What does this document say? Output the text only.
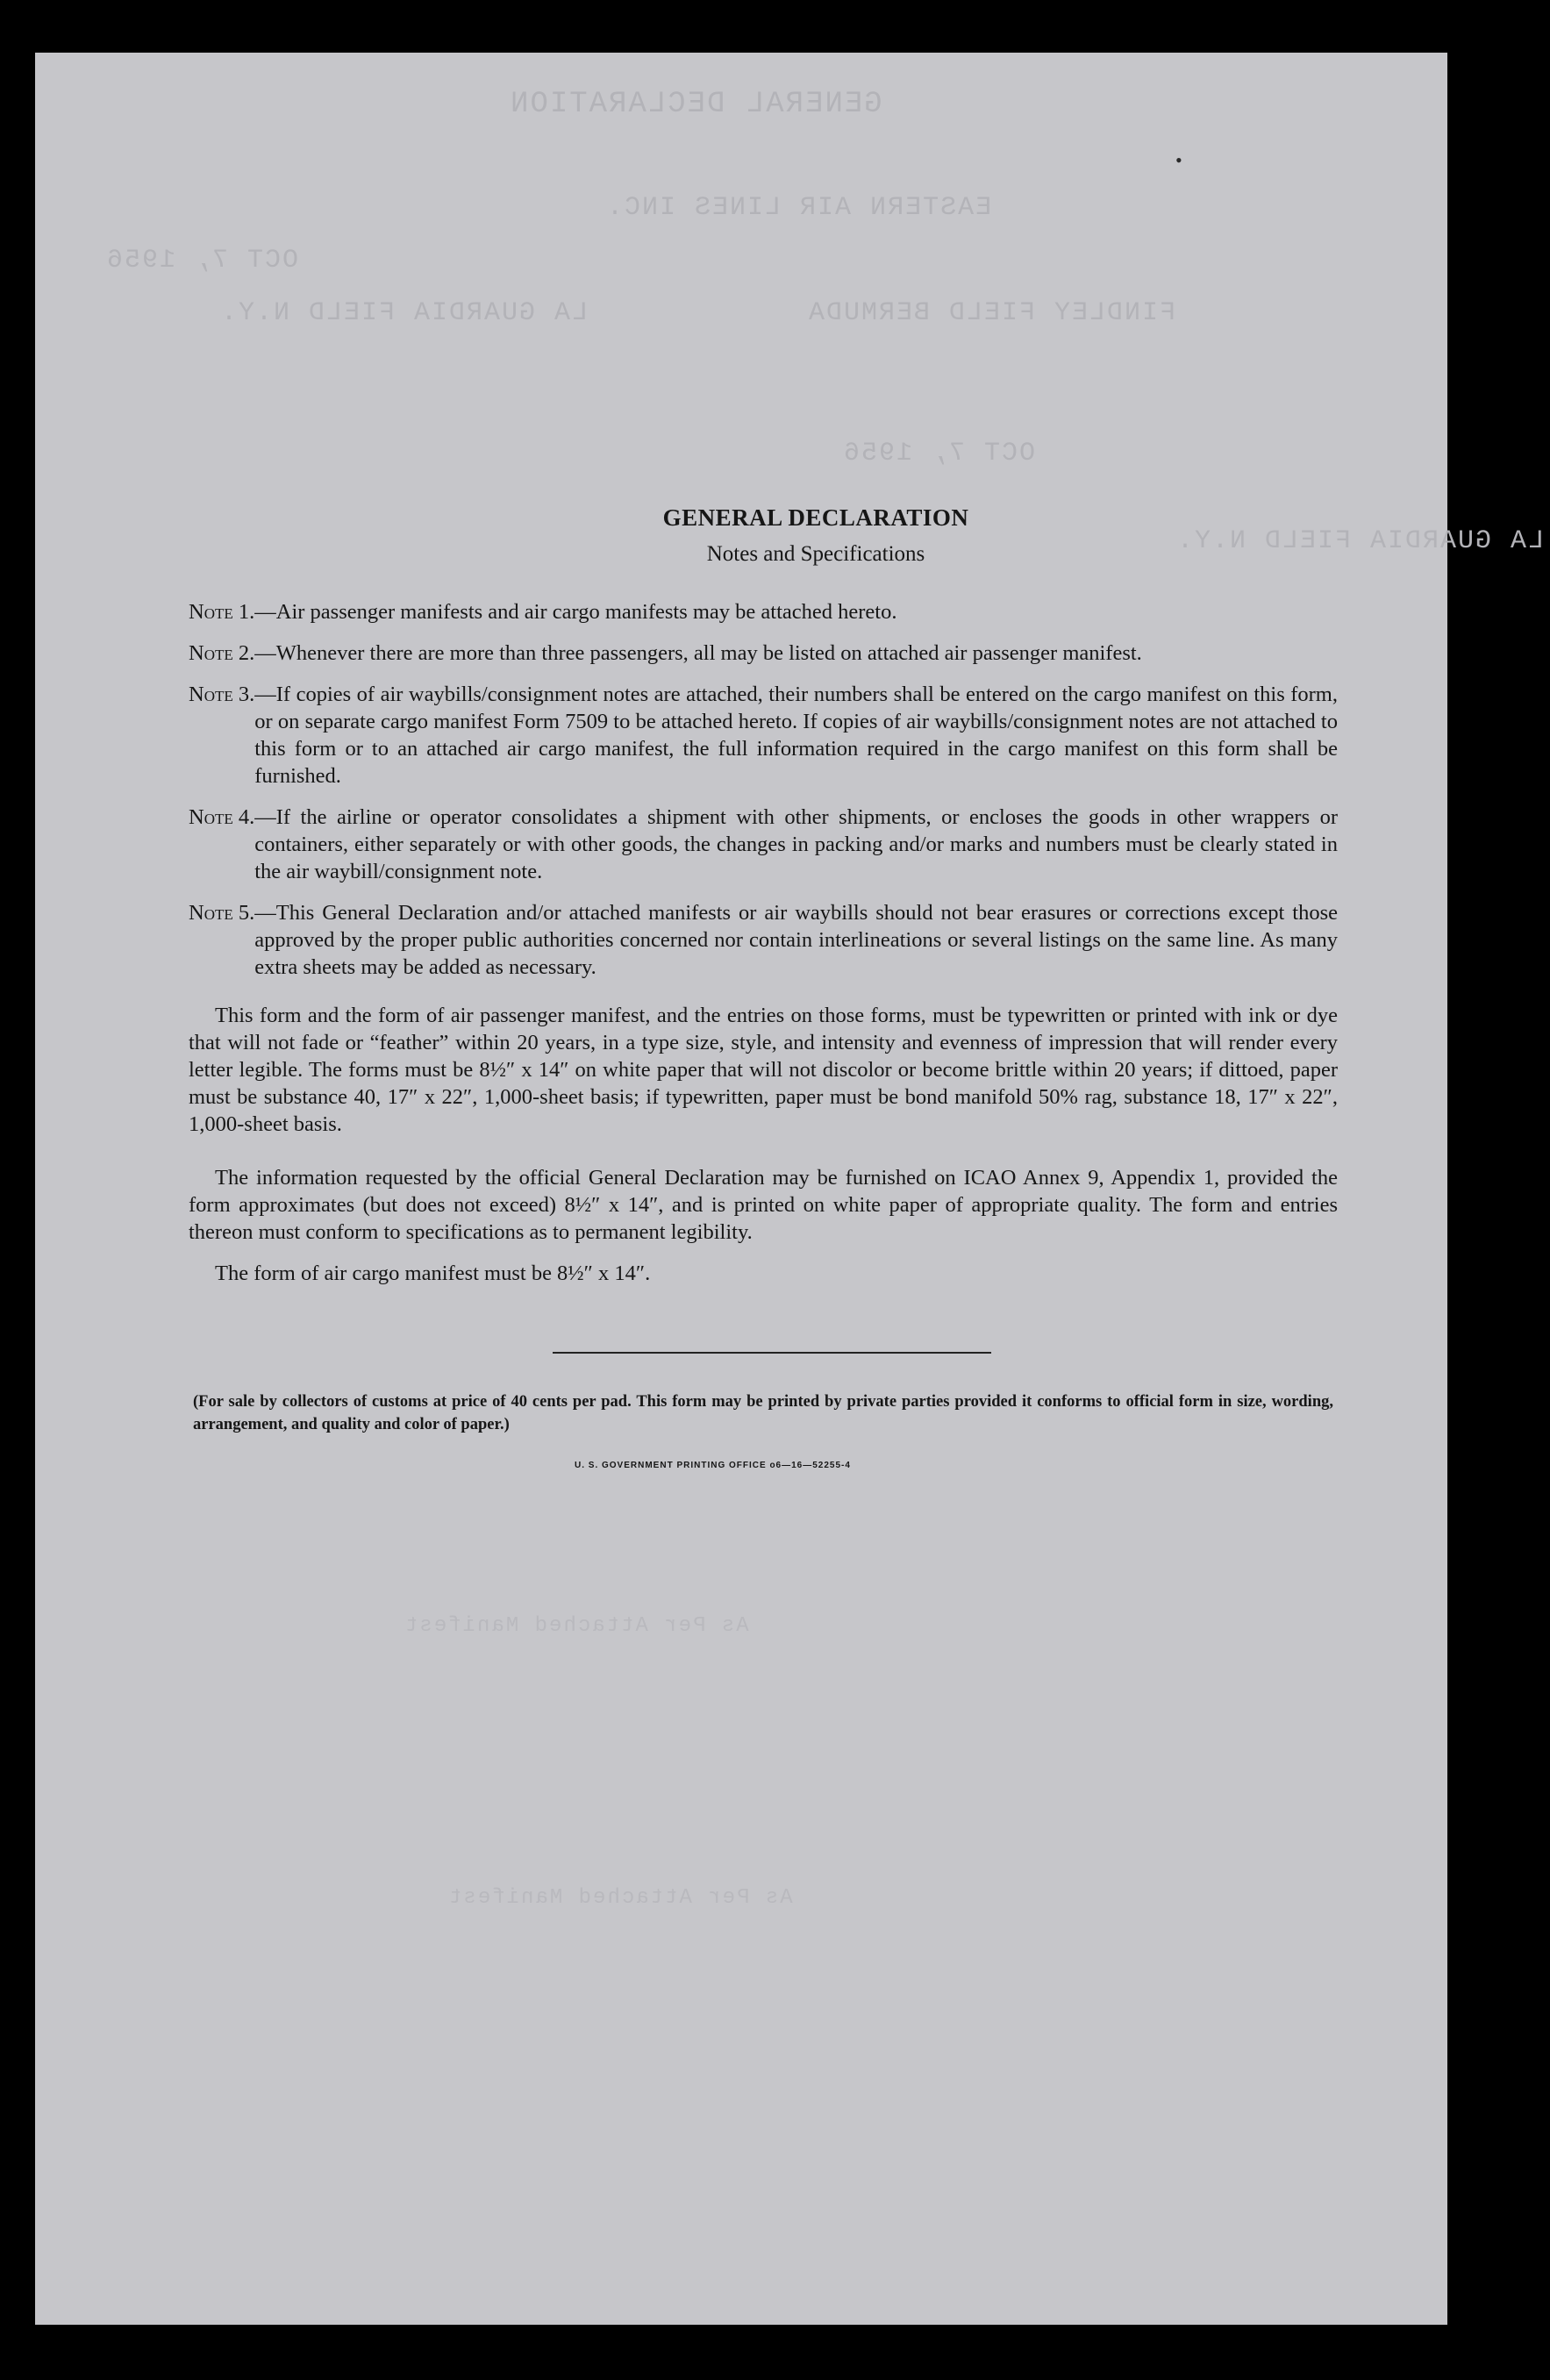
GENERAL DECLARATION
EASTERN AIR LINES INC.
OCT 7, 1956
FINDLEY FIELD BERMUDA
LA GUARDIA FIELD N.Y.
OCT 7, 1956
LA GUARDIA FIELD N.Y.
As Per Attached Manifest
As Per Attached Manifest
•
GENERAL DECLARATION
Notes and Specifications
Note 1. —Air passenger manifests and air cargo manifests may be attached hereto.
Note 2. —Whenever there are more than three passengers, all may be listed on attached air passenger manifest.
Note 3. —If copies of air waybills/consignment notes are attached, their numbers shall be entered on the cargo manifest on this form, or on separate cargo manifest Form 7509 to be attached hereto. If copies of air waybills/consignment notes are not attached to this form or to an attached air cargo manifest, the full information required in the cargo manifest on this form shall be furnished.
Note 4. —If the airline or operator consolidates a shipment with other shipments, or encloses the goods in other wrappers or containers, either separately or with other goods, the changes in packing and/or marks and numbers must be clearly stated in the air waybill/consignment note.
Note 5. —This General Declaration and/or attached manifests or air waybills should not bear erasures or corrections except those approved by the proper public authorities concerned nor contain interlineations or several listings on the same line. As many extra sheets may be added as necessary.

This form and the form of air passenger manifest, and the entries on those forms, must be typewritten or printed with ink or dye that will not fade or “feather” within 20 years, in a type size, style, and intensity and evenness of impression that will render every letter legible. The forms must be 8½″ x 14″ on white paper that will not discolor or become brittle within 20 years; if dittoed, paper must be substance 40, 17″ x 22″, 1,000-sheet basis; if typewritten, paper must be bond manifold 50% rag, substance 18, 17″ x 22″, 1,000-sheet basis.

The information requested by the official General Declaration may be furnished on ICAO Annex 9, Appendix 1, provided the form approximates (but does not exceed) 8½″ x 14″, and is printed on white paper of appropriate quality. The form and entries thereon must conform to specifications as to permanent legibility.

The form of air cargo manifest must be 8½″ x 14″.

(For sale by collectors of customs at price of 40 cents per pad. This form may be printed by private parties provided it conforms to official form in size, wording, arrangement, and quality and color of paper.)
U. S. GOVERNMENT PRINTING OFFICE o6—16—52255-4
